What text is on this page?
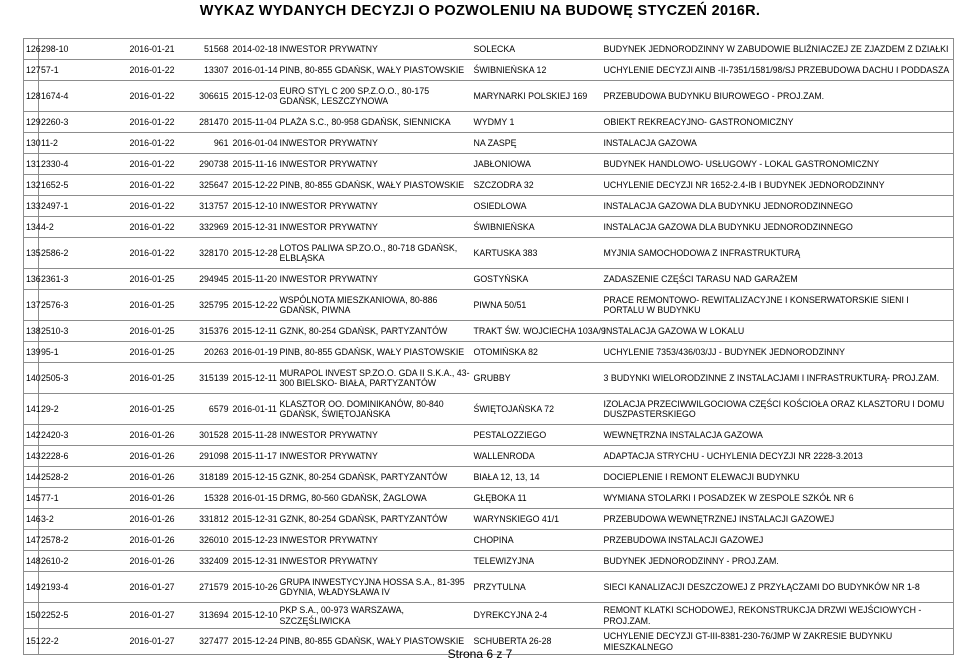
WYKAZ WYDANYCH DECYZJI O POZWOLENIU NA BUDOWĘ STYCZEŃ 2016R.
126	298-10	2016-01-21	51568	2014-02-18	INWESTOR PRYWATNY	SOLECKA	BUDYNEK JEDNORODZINNY W ZABUDOWIE BLIŹNIACZEJ ZE ZJAZDEM Z DZIAŁKI
127	57-1	2016-01-22	13307	2016-01-14	PINB, 80-855 GDAŃSK, WAŁY PIASTOWSKIE	ŚWIBNIEŃSKA 12	UCHYLENIE DECYZJI AINB -II-7351/1581/98/SJ PRZEBUDOWA DACHU I PODDASZA
128	1674-4	2016-01-22	306615	2015-12-03	EURO STYL C 200 SP.Z.O.O., 80-175 GDAŃSK, LESZCZYNOWA	MARYNARKI POLSKIEJ 169	PRZEBUDOWA BUDYNKU BIUROWEGO - PROJ.ZAM.
129	2260-3	2016-01-22	281470	2015-11-04	PLAŻA S.C., 80-958 GDAŃSK, SIENNICKA	WYDMY 1	OBIEKT REKREACYJNO- GASTRONOMICZNY
130	11-2	2016-01-22	961	2016-01-04	INWESTOR PRYWATNY	NA ZASPĘ	INSTALACJA GAZOWA
131	2330-4	2016-01-22	290738	2015-11-16	INWESTOR PRYWATNY	JABŁONIOWA	BUDYNEK HANDLOWO- USŁUGOWY - LOKAL GASTRONOMICZNY
132	1652-5	2016-01-22	325647	2015-12-22	PINB, 80-855 GDAŃSK, WAŁY PIASTOWSKIE	SZCZODRA 32	UCHYLENIE DECYZJI NR 1652-2.4-IB I BUDYNEK JEDNORODZINNY
133	2497-1	2016-01-22	313757	2015-12-10	INWESTOR PRYWATNY	OSIEDLOWA	INSTALACJA GAZOWA DLA BUDYNKU JEDNORODZINNEGO
134	4-2	2016-01-22	332969	2015-12-31	INWESTOR PRYWATNY	ŚWIBNIEŃSKA	INSTALACJA GAZOWA DLA BUDYNKU JEDNORODZINNEGO
135	2586-2	2016-01-22	328170	2015-12-28	LOTOS PALIWA SP.ZO.O., 80-718 GDAŃSK, ELBLĄSKA	KARTUSKA 383	MYJNIA SAMOCHODOWA Z INFRASTRUKTURĄ
136	2361-3	2016-01-25	294945	2015-11-20	INWESTOR PRYWATNY	GOSTYŃSKA	ZADASZENIE CZĘŚCI TARASU NAD GARAŻEM
137	2576-3	2016-01-25	325795	2015-12-22	WSPÓLNOTA MIESZKANIOWA, 80-886 GDAŃSK, PIWNA	PIWNA 50/51	PRACE REMONTOWO- REWITALIZACYJNE I KONSERWATORSKIE SIENI I PORTALU W BUDYNKU
138	2510-3	2016-01-25	315376	2015-12-11	GZNK, 80-254 GDAŃSK, PARTYZANTÓW	TRAKT ŚW. WOJCIECHA 103A/9	INSTALACJA GAZOWA W LOKALU
139	95-1	2016-01-25	20263	2016-01-19	PINB, 80-855 GDAŃSK, WAŁY PIASTOWSKIE	OTOMIŃSKA 82	UCHYLENIE 7353/436/03/JJ - BUDYNEK JEDNORODZINNY
140	2505-3	2016-01-25	315139	2015-12-11	MURAPOL INVEST SP.ZO.O. GDA II S.K.A., 43-300 BIELSKO- BIAŁA, PARTYZANTÓW	GRUBBY	3 BUDYNKI WIELORODZINNE Z INSTALACJAMI I INFRASTRUKTURĄ- PROJ.ZAM.
141	29-2	2016-01-25	6579	2016-01-11	KLASZTOR OO. DOMINIKANÓW, 80-840 GDAŃSK, ŚWIĘTOJAŃSKA	ŚWIĘTOJAŃSKA 72	IZOLACJA PRZECIWWILGOCIOWA CZĘŚCI KOŚCIOŁA ORAZ KLASZTORU I DOMU DUSZPASTERSKIEGO
142	2420-3	2016-01-26	301528	2015-11-28	INWESTOR PRYWATNY	PESTALOZZIEGO	WEWNĘTRZNA INSTALACJA GAZOWA
143	2228-6	2016-01-26	291098	2015-11-17	INWESTOR PRYWATNY	WALLENRODA	ADAPTACJA STRYCHU - UCHYLENIA DECYZJI NR 2228-3.2013
144	2528-2	2016-01-26	318189	2015-12-15	GZNK, 80-254 GDAŃSK, PARTYZANTÓW	BIAŁA 12, 13, 14	DOCIEPLENIE I REMONT ELEWACJI BUDYNKU
145	77-1	2016-01-26	15328	2016-01-15	DRMG, 80-560 GDAŃSK, ŻAGLOWA	GŁĘBOKA 11	WYMIANA STOLARKI I POSADZEK W ZESPOLE SZKÓŁ NR 6
146	3-2	2016-01-26	331812	2015-12-31	GZNK, 80-254 GDAŃSK, PARTYZANTÓW	WARYNSKIEGO 41/1	PRZEBUDOWA WEWNĘTRZNEJ INSTALACJI GAZOWEJ
147	2578-2	2016-01-26	326010	2015-12-23	INWESTOR PRYWATNY	CHOPINA	PRZEBUDOWA INSTALACJI GAZOWEJ
148	2610-2	2016-01-26	332409	2015-12-31	INWESTOR PRYWATNY	TELEWIZYJNA	BUDYNEK JEDNORODZINNY - PROJ.ZAM.
149	2193-4	2016-01-27	271579	2015-10-26	GRUPA INWESTYCYJNA HOSSA S.A., 81-395 GDYNIA, WŁADYSŁAWA IV	PRZYTULNA	SIECI KANALIZACJI DESZCZOWEJ Z PRZYŁĄCZAMI DO BUDYNKÓW NR 1-8
150	2252-5	2016-01-27	313694	2015-12-10	PKP S.A., 00-973 WARSZAWA, SZCZĘŚLIWICKA	DYREKCYJNA 2-4	REMONT KLATKI SCHODOWEJ, REKONSTRUKCJA DRZWI WEJŚCIOWYCH - PROJ.ZAM.
151	22-2	2016-01-27	327477	2015-12-24	PINB, 80-855 GDAŃSK, WAŁY PIASTOWSKIE	SCHUBERTA 26-28	UCHYLENIE DECYZJI GT-III-8381-230-76/JMP W ZAKRESIE BUDYNKU MIESZKALNEGO
Strona 6 z 7
